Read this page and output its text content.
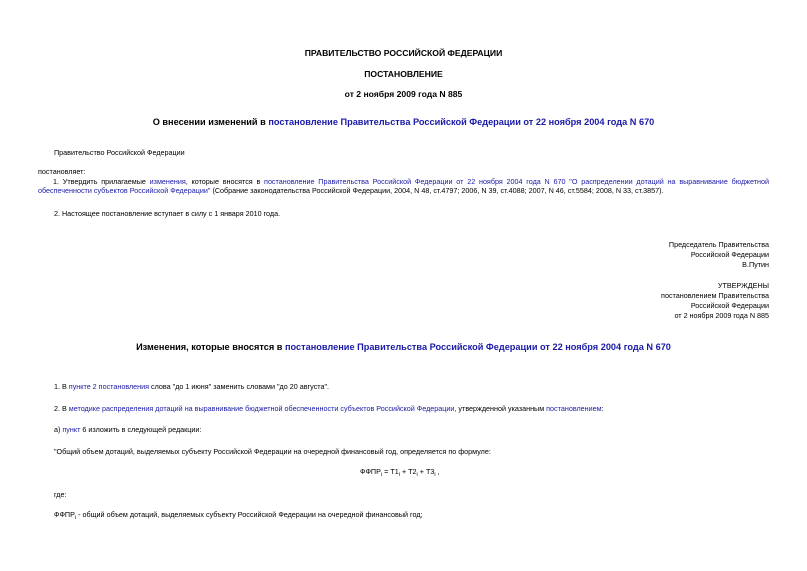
ПРАВИТЕЛЬСТВО РОССИЙСКОЙ ФЕДЕРАЦИИ
ПОСТАНОВЛЕНИЕ
от 2 ноября 2009 года N 885
О внесении изменений в постановление Правительства Российской Федерации от 22 ноября 2004 года N 670
Правительство Российской Федерации
постановляет:
1. Утвердить прилагаемые изменения, которые вносятся в постановление Правительства Российской Федерации от 22 ноября 2004 года N 670 "О распределении дотаций на выравнивание бюджетной обеспеченности субъектов Российской Федерации" (Собрание законодательства Российской Федерации, 2004, N 48, ст.4797; 2006, N 39, ст.4088; 2007, N 46, ст.5584; 2008, N 33, ст.3857).
2. Настоящее постановление вступает в силу с 1 января 2010 года.
Председатель Правительства
Российской Федерации
В.Путин
УТВЕРЖДЕНЫ
постановлением Правительства
Российской Федерации
от 2 ноября 2009 года N 885
Изменения, которые вносятся в постановление Правительства Российской Федерации от 22 ноября 2004 года N 670
1. В пункте 2 постановления слова "до 1 июня" заменить словами "до 20 августа".
2. В методике распределения дотаций на выравнивание бюджетной обеспеченности субъектов Российской Федерации, утвержденной указанным постановлением:
а) пункт 6 изложить в следующей редакции:
"Общий объем дотаций, выделяемых субъекту Российской Федерации на очередной финансовый год, определяется по формуле:
$ФФПР_i = Т1_i + Т2_i + Т3_i$ ,
где:
$ФФПР_i$ - общий объем дотаций, выделяемых субъекту Российской Федерации на очередной финансовый год;
